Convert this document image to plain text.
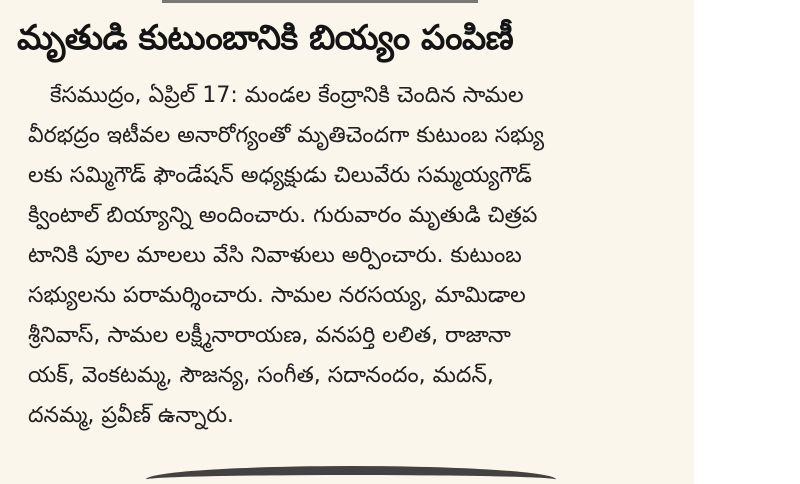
మృతుడి కుటుంబానికి బియ్యం పంపిణీ
కేసముద్రం, ఏప్రిల్ 17: మండల కేంద్రానికి చెందిన సామల
వీరభద్రం ఇటీవల అనారోగ్యంతో మృతిచెందగా కుటుంబ సభ్యు
లకు సమ్మిగౌడ్ ఫౌండేషన్ అధ్యక్షుడు చిలువేరు సమ్మయ్యగౌడ్
క్వింటాల్ బియ్యాన్ని అందించారు. గురువారం మృతుడి చిత్రప
టానికి పూల మాలలు వేసి నివాళులు అర్పించారు. కుటుంబ
సభ్యులను పరామర్శించారు. సామల నరసయ్య, మామిడాల
శ్రీనివాస్, సామల లక్ష్మీనారాయణ, వనపర్తి లలిత, రాజానా
యక్, వెంకటమ్మ, సౌజన్య, సంగీత, సదానందం, మదన్,
దనమ్మ, ప్రవీణ్ ఉన్నారు.
